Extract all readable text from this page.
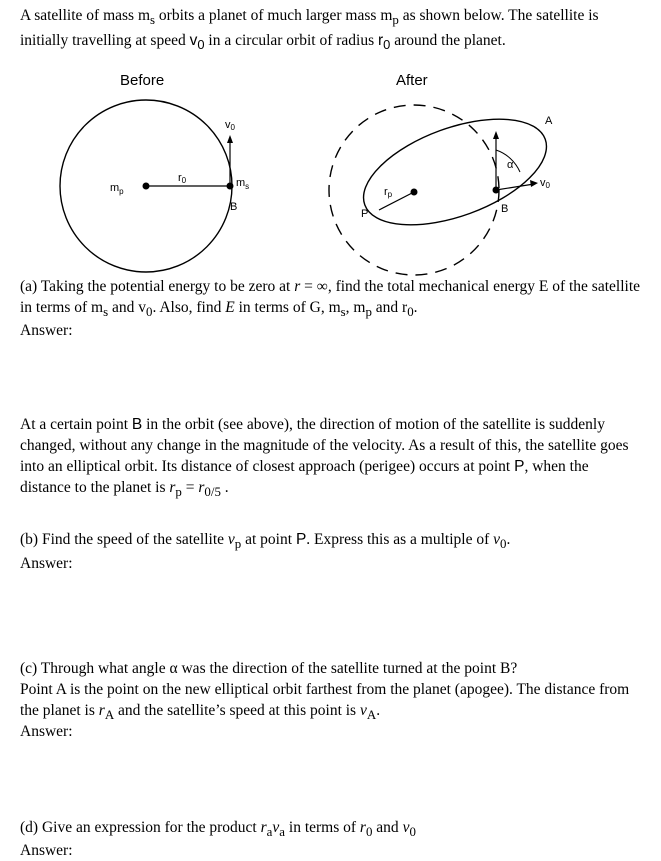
A satellite of mass $m_s$ orbits a planet of much larger mass $m_p$ as shown below. The satellite is initially travelling at speed $v_0$ in a circular orbit of radius $r_0$ around the planet.

Before
$m_p$
r0
v0
$m_s$
B
After
α
rp
P	B
A
v0

(a) Taking the potential energy to be zero at r = ∞, find the total mechanical energy E of the satellite in terms of $m_s$ and $v_0$. Also, find E in terms of G, $m_s$, $m_p$ and $r_0$.

Answer:

At a certain point B in the orbit (see above), the direction of motion of the satellite is suddenly changed, without any change in the magnitude of the velocity. As a result of this, the satellite goes into an elliptical orbit. Its distance of closest approach (perigee) occurs at point P, when the distance to the planet is $r_p = r_{0/5}$ .

(b) Find the speed of the satellite $v_p$ at point P. Express this as a multiple of $v_0$.

Answer:

(c) Through what angle α was the direction of the satellite turned at the point B?
Point A is the point on the new elliptical orbit farthest from the planet (apogee). The distance from the planet is $r_A$ and the satellite’s speed at this point is $v_A$.

Answer:

(d) Give an expression for the product $r_av_a$ in terms of $r_0$ and $v_0$

Answer:
